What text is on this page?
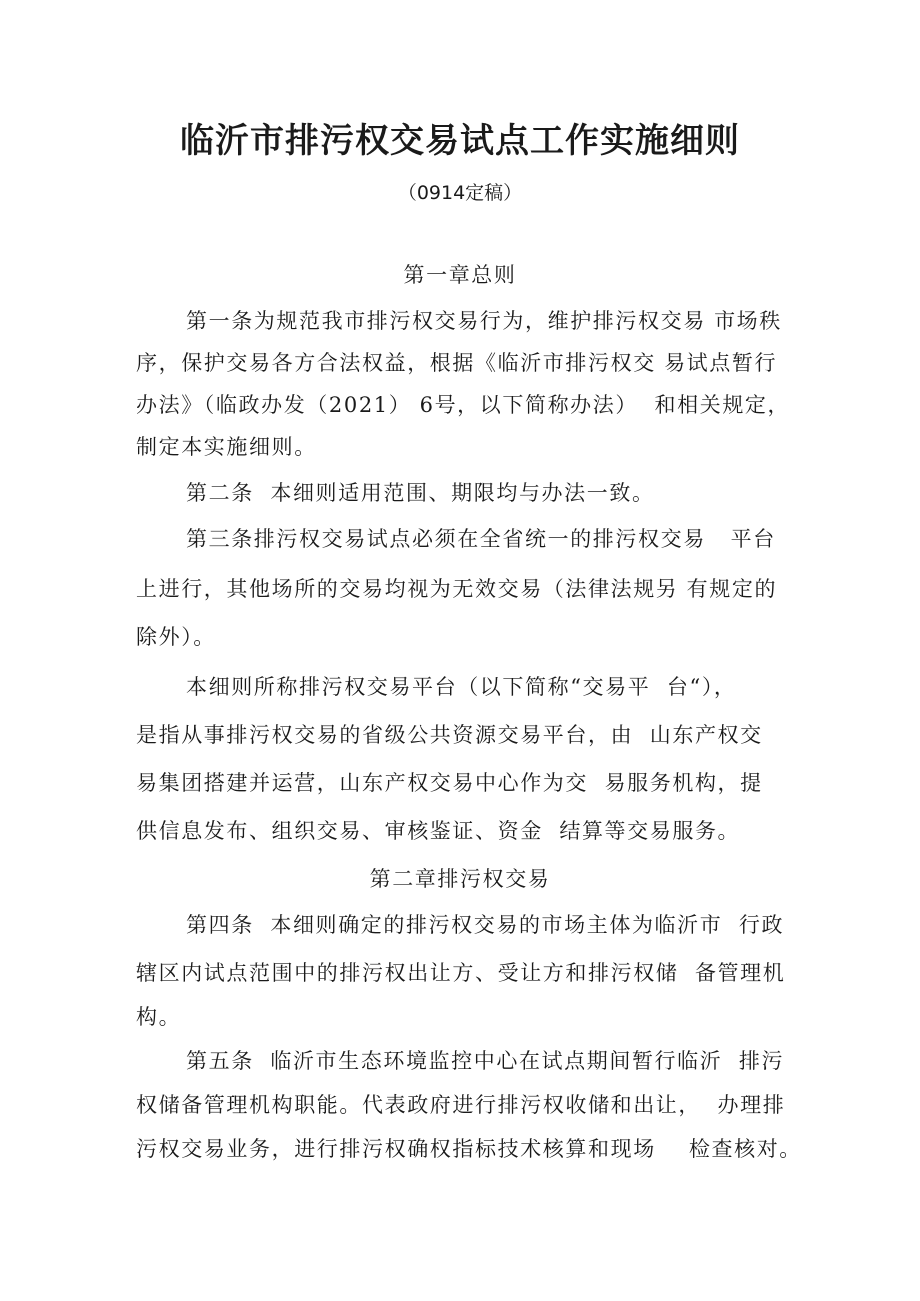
临沂市排污权交易试点工作实施细则
（0914定稿）
第一章总则
第一条为规范我市排污权交易行为，维护排污权交易 市场秩
序，保护交易各方合法权益，根据《临沂市排污权交 易试点暂行
办法》（临政办发（2021） 6号，以下简称办法）  和相关规定，
制定本实施细则。
第二条  本细则适用范围、期限均与办法一致。
第三条排污权交易试点必须在全省统一的排污权交易   平台
上进行，其他场所的交易均视为无效交易（法律法规另 有规定的
除外）。
本细则所称排污权交易平台（以下简称“交易平  台“），
是指从事排污权交易的省级公共资源交易平台，由  山东产权交
易集团搭建并运营，山东产权交易中心作为交  易服务机构，提
供信息发布、组织交易、审核鉴证、资金  结算等交易服务。
第二章排污权交易
第四条  本细则确定的排污权交易的市场主体为临沂市  行政
辖区内试点范围中的排污权出让方、受让方和排污权储  备管理机
构。
第五条  临沂市生态环境监控中心在试点期间暂行临沂  排污
权储备管理机构职能。代表政府进行排污权收储和出让，  办理排
污权交易业务，进行排污权确权指标技术核算和现场    检查核对。
